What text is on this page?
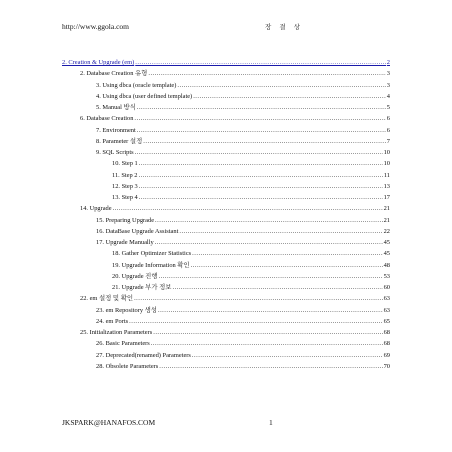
http://www.ggola.com	장 결 상
2. Creation & Upgrade (em) .....	2
2. Database Creation 유형 .....	3
3. Using dbca (oracle template) .....	3
4. Using dbca (user defined template) .....	4
5. Manual 방식 .....	5
6. Database Creation .....	6
7. Environment .....	6
8. Parameter 설정 .....	7
9. SQL Scripts .....	10
10. Step 1 .....	10
11. Step 2 .....	11
12. Step 3 .....	13
13. Step 4 .....	17
14. Upgrade .....	21
15. Preparing Upgrade .....	21
16. DataBase Upgrade Assistant .....	22
17. Upgrade Manually .....	45
18. Gather Optimizer Statistics .....	45
19. Upgrade Information 확인 .....	48
20. Upgrade 진행 .....	53
21. Upgrade 부가 정보 .....	60
22. em 설정 및 확인 .....	63
23. em Repository 생성 .....	63
24. em Ports .....	65
25. Initialization Parameters .....	68
26. Basic Parameters .....	68
27. Deprecated(renamed) Parameters .....	69
28. Obsolete Parameters .....	70
JKSPARK@HANAFOS.COM	1
